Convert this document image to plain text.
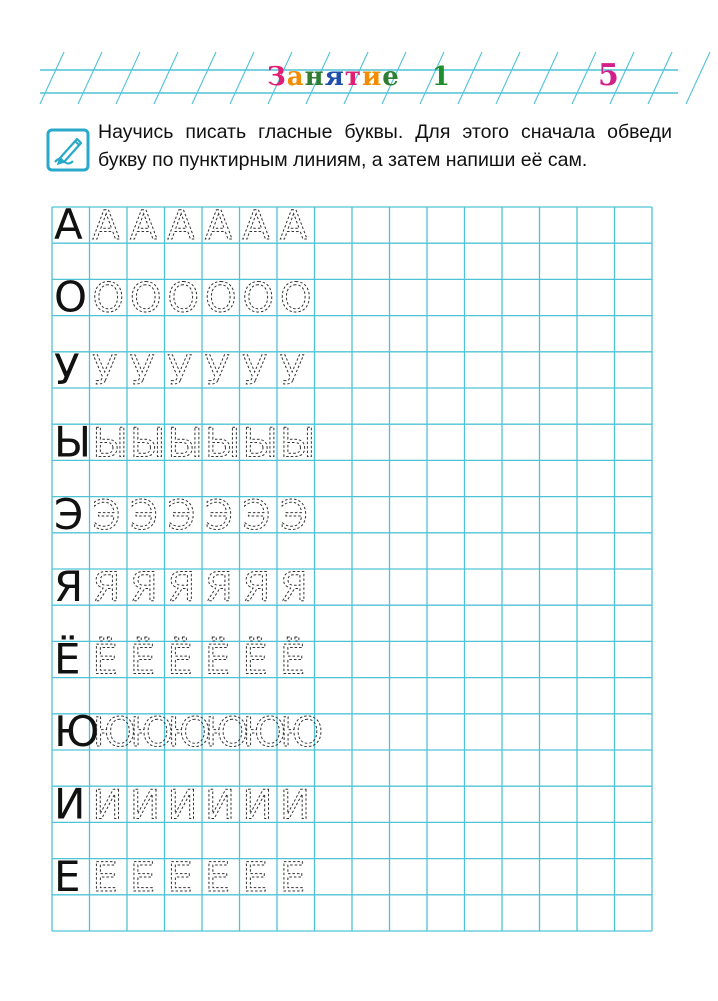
Занятие 1	5
Научись писать гласные буквы. Для этого сначала обведи букву по пунктирным линиям, а затем напиши её сам.
А А А А А А А
О О О О О О О
У У У У У У У
Ы Ы Ы Ы Ы Ы Ы
Э Э Э Э Э Э Э
Я Я Я Я Я Я Я
Ё Ё Ё Ё Ё Ё Ё
Ю
Ю
Ю
Ю
Ю
Ю
Ю
И И И И И И И
Е Е Е Е Е Е Е
